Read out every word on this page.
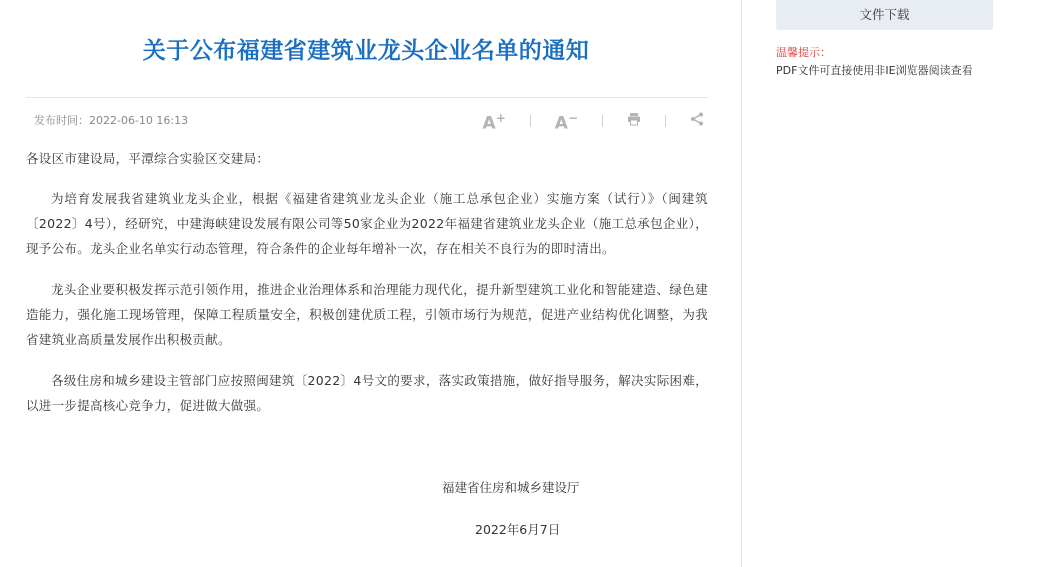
关于公布福建省建筑业龙头企业名单的通知
发布时间：2022-06-10 16:13	A+	A−

各设区市建设局，平潭综合实验区交建局：

为培育发展我省建筑业龙头企业，根据《福建省建筑业龙头企业（施工总承包企业）实施方案（试行）》（闽建筑〔2022〕4号），经研究，中建海峡建设发展有限公司等50家企业为2022年福建省建筑业龙头企业（施工总承包企业），现予公布。龙头企业名单实行动态管理，符合条件的企业每年增补一次，存在相关不良行为的即时清出。

龙头企业要积极发挥示范引领作用，推进企业治理体系和治理能力现代化，提升新型建筑工业化和智能建造、绿色建造能力，强化施工现场管理，保障工程质量安全，积极创建优质工程，引领市场行为规范，促进产业结构优化调整，为我省建筑业高质量发展作出积极贡献。

各级住房和城乡建设主管部门应按照闽建筑〔2022〕4号文的要求，落实政策措施，做好指导服务，解决实际困难，以进一步提高核心竞争力，促进做大做强。

福建省住房和城乡建设厅
2022年6月7日
文件下载
温馨提示：
PDF文件可直接使用非IE浏览器阅读查看
